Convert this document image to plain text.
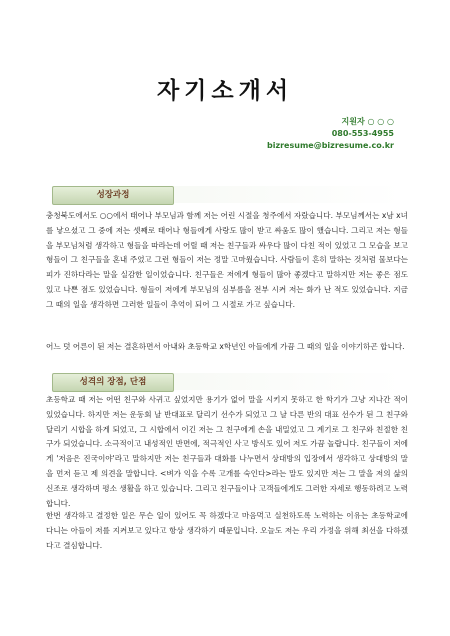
자기소개서
지원자 ○ ○ ○
080-553-4955
bizresume@bizresume.co.kr
성장과정
충청북도에서도 ○○에서 태어나 부모님과 함께 저는 어린 시절을 청주에서 자랐습니다. 부모님께서는 x남 x녀를 낳으셨고 그 중에 저는 셋째로 태어나 형들에게 사랑도 많이 받고 싸움도 많이 했습니다. 그리고 저는 형들을 부모님처럼 생각하고 형들을 따라는데 어릴 때 저는 친구들과 싸우다 많이 다친 적이 있었고 그 모습을 보고 형들이 그 친구들을 혼내 주었고 그런 형들이 저는 정말 고마웠습니다. 사람들이 흔히 말하는 것처럼 물보다는 피가 진하다라는 말을 실감한 일이었습니다. 친구들은 저에게 형들이 많아 좋겠다고 말하지만 저는 좋은 점도 있고 나쁜 점도 있었습니다. 형들이 저에게 부모님의 심부름을 전부 시켜 저는 화가 난 적도 있었습니다. 지금 그 때의 일을 생각하면 그러한 일들이 추억이 되어 그 시절로 가고 싶습니다.
어느 덧 어른이 된 저는 결혼하면서 아내와 초등학교 x학년인 아들에게 가끔 그 때의 일을 이야기하곤 합니다.
성격의 장점, 단점
초등학교 때 저는 어떤 친구와 사귀고 싶었지만 용기가 없어 말을 시키지 못하고 한 학기가 그냥 지나간 적이 있었습니다. 하지만 저는 운동회 날 반대표로 달리기 선수가 되었고 그 날 다른 반의 대표 선수가 된 그 친구와 달리기 시합을 하게 되었고, 그 시합에서 이긴 저는 그 친구에게 손을 내밀었고 그 계기로 그 친구와 친절한 친구가 되었습니다. 소극적이고 내성적인 반면에, 적극적인 사고 방식도 있어 저도 가끔 놀랍니다. 친구들이 저에게 '저음은 진국이야'라고 말하지만 저는 친구들과 대화를 나누면서 상대방의 입장에서 생각하고 상대방의 말을 먼저 듣고 제 의견을 말합니다. <벼가 익을 수록 고개를 숙인다>라는 말도 있지만 저는 그 말을 저의 삶의 신조로 생각하며 평소 생활을 하고 있습니다. 그리고 친구들이나 고객들에게도 그러한 자세로 행동하려고 노력합니다.
한번 생각하고 결정한 일은 무슨 일이 있어도 꼭 하겠다고 마음먹고 실천하도록 노력하는 이유는 초등학교에 다니는 아들이 저를 지켜보고 있다고 항상 생각하기 때문입니다. 오늘도 저는 우리 가정을 위해 최선을 다하겠다고 결심합니다.
